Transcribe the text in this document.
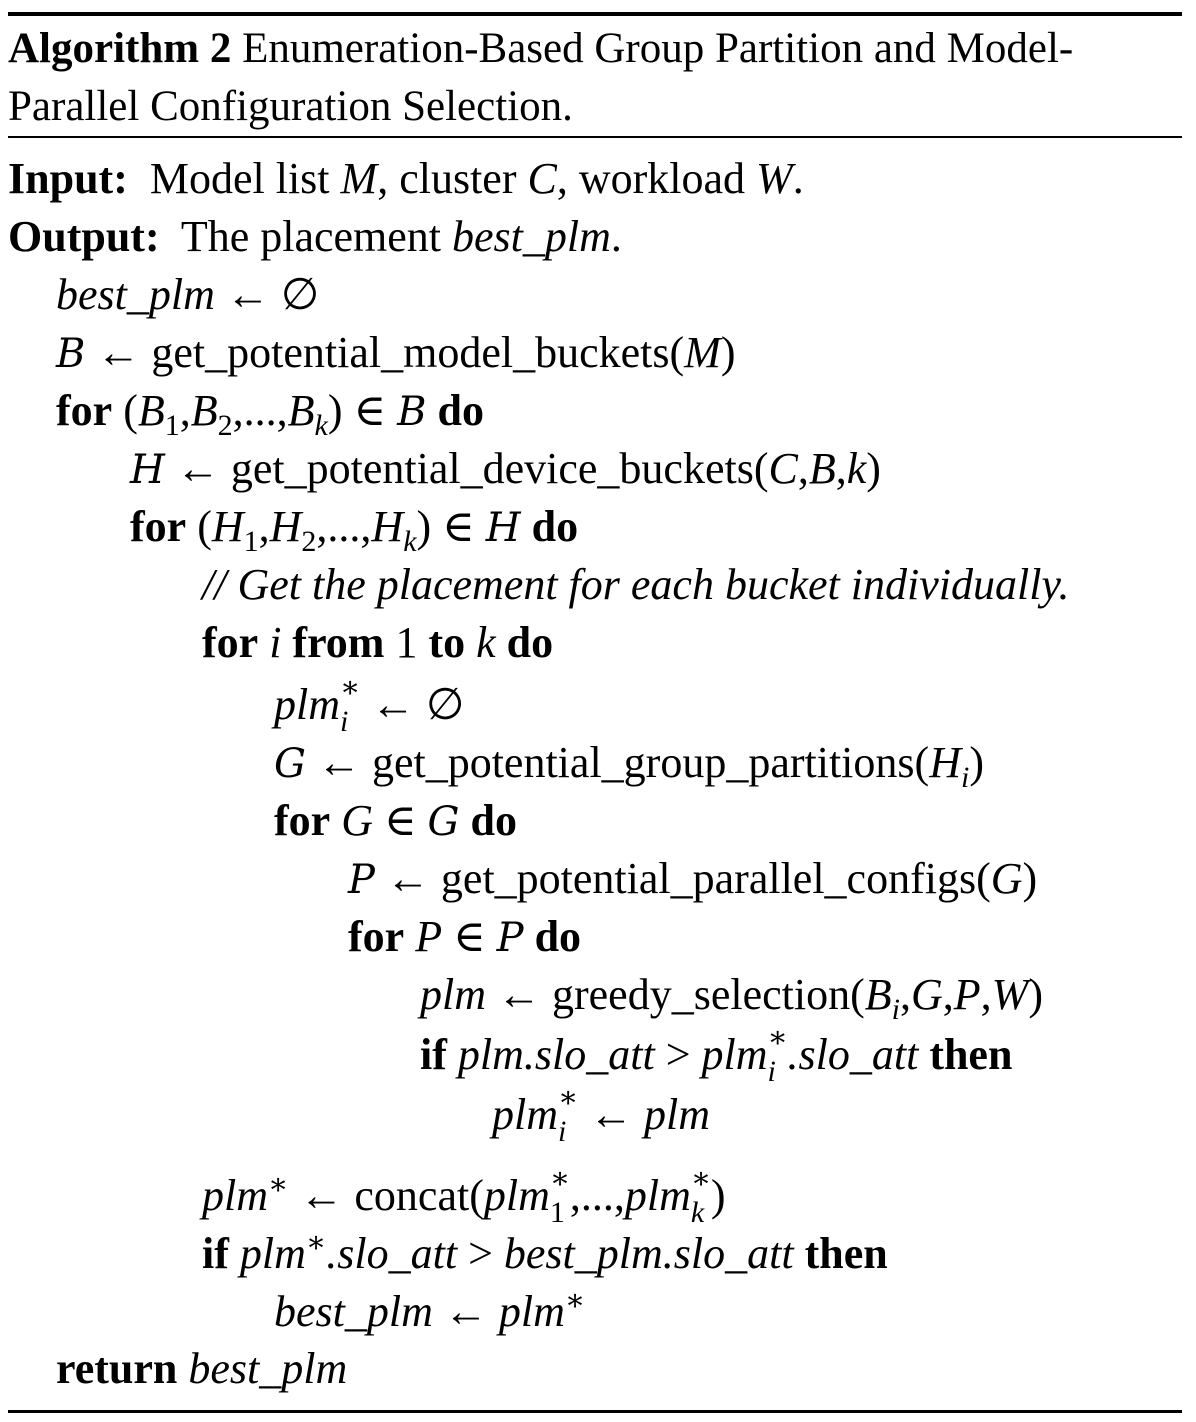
Algorithm 2 Enumeration-Based Group Partition and Model-Parallel Configuration Selection.

Input: Model list M, cluster C, workload W.
Output: The placement best_plm.
best_plm ← ∅
B ← get_potential_model_buckets(M)
for $(B_1,B_2,...,B_k)$ ∈ B do
H ← get_potential_device_buckets(C,B,k)
for $(H_1,H_2,...,H_k)$ ∈ H do
// Get the placement for each bucket individually.
for i from 1 to k do
plm ∗
i ← ∅
G ← $get\_potential\_group\_partitions(H_i)$
for G ∈ G do
P ← get_potential_parallel_configs(G)
for P ∈ P do
plm ← $greedy\_selection(B_i,G,P,W)$
if plm.slo_att > plm ∗
i .slo_att then
plm ∗
i ← plm
plm∗ ← concat(plm ∗
1 ,...,plm ∗
k )
if plm∗.slo_att > best_plm.slo_att then
best_plm ← plm∗
return best_plm
